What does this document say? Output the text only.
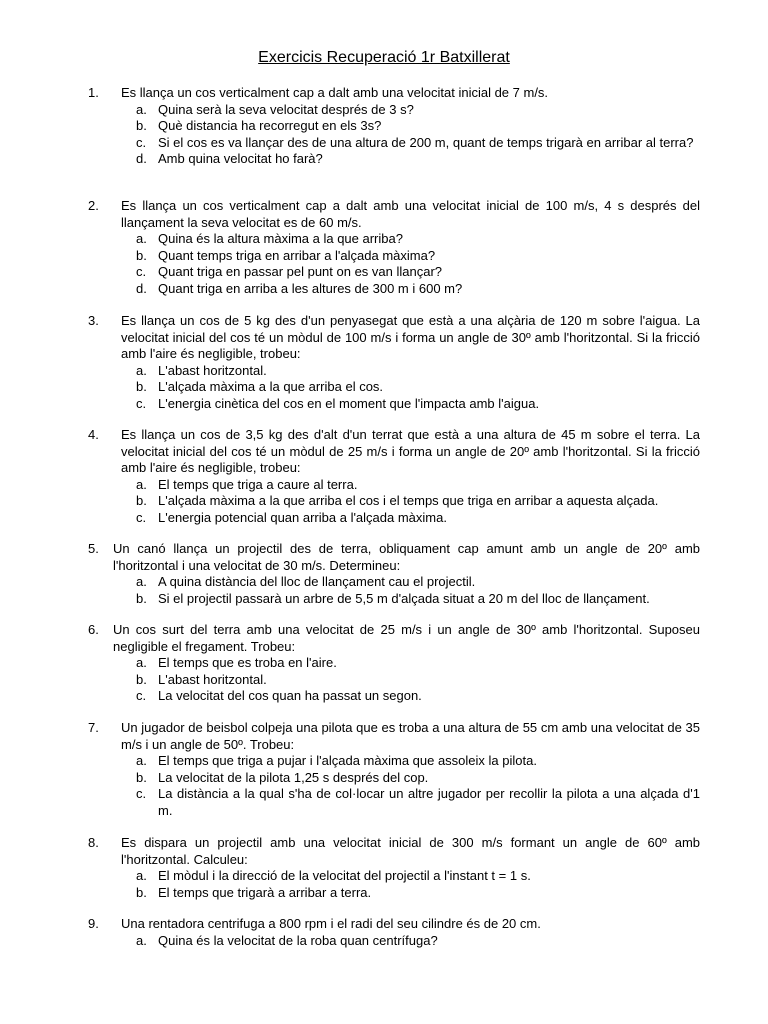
Exercicis Recuperació 1r Batxillerat
1. Es llança un cos verticalment cap a dalt amb una velocitat inicial de 7 m/s.
a. Quina serà la seva velocitat després de 3 s?
b. Què distancia ha recorregut en els 3s?
c. Si el cos es va llançar des de una altura de 200 m, quant de temps trigarà en arribar al terra?
d. Amb quina velocitat ho farà?
2. Es llança un cos verticalment cap a dalt amb una velocitat inicial de 100 m/s, 4 s després del llançament la seva velocitat es de 60 m/s.
a. Quina és la altura màxima a la que arriba?
b. Quant temps triga en arribar a l'alçada màxima?
c. Quant triga en passar pel punt on es van llançar?
d. Quant triga en arriba a les altures de 300 m i 600 m?
3. Es llança un cos de 5 kg des d'un penyasegat que està a una alçària de 120 m sobre l'aigua. La velocitat inicial del cos té un mòdul de 100 m/s i forma un angle de 30º amb l'horitzontal. Si la fricció amb l'aire és negligible, trobeu:
a. L'abast horitzontal.
b. L'alçada màxima a la que arriba el cos.
c. L'energia cinètica del cos en el moment que l'impacta amb l'aigua.
4. Es llança un cos de 3,5 kg des d'alt d'un terrat que està a una altura de 45 m sobre el terra. La velocitat inicial del cos té un mòdul de 25 m/s i forma un angle de 20º amb l'horitzontal. Si la fricció amb l'aire és negligible, trobeu:
a. El temps que triga a caure al terra.
b. L'alçada màxima a la que arriba el cos i el temps que triga en arribar a aquesta alçada.
c. L'energia potencial quan arriba a l'alçada màxima.
5. Un canó llança un projectil des de terra, obliquament cap amunt amb un angle de 20º amb l'horitzontal i una velocitat de 30 m/s. Determineu:
a. A quina distància del lloc de llançament cau el projectil.
b. Si el projectil passarà un arbre de 5,5 m d'alçada situat a 20 m del lloc de llançament.
6. Un cos surt del terra amb una velocitat de 25 m/s i un angle de 30º amb l'horitzontal. Suposeu negligible el fregament. Trobeu:
a. El temps que es troba en l'aire.
b. L'abast horitzontal.
c. La velocitat del cos quan ha passat un segon.
7. Un jugador de beisbol colpeja una pilota que es troba a una altura de 55 cm amb una velocitat de 35 m/s i un angle de 50º. Trobeu:
a. El temps que triga a pujar i l'alçada màxima que assoleix la pilota.
b. La velocitat de la pilota 1,25 s després del cop.
c. La distància a la qual s'ha de col·locar un altre jugador per recollir la pilota a una alçada d'1 m.
8. Es dispara un projectil amb una velocitat inicial de 300 m/s formant un angle de 60º amb l'horitzontal. Calculeu:
a. El mòdul i la direcció de la velocitat del projectil a l'instant t = 1 s.
b. El temps que trigarà a arribar a terra.
9. Una rentadora centrifuga a 800 rpm i el radi del seu cilindre és de 20 cm.
a. Quina és la velocitat de la roba quan centrífuga?
